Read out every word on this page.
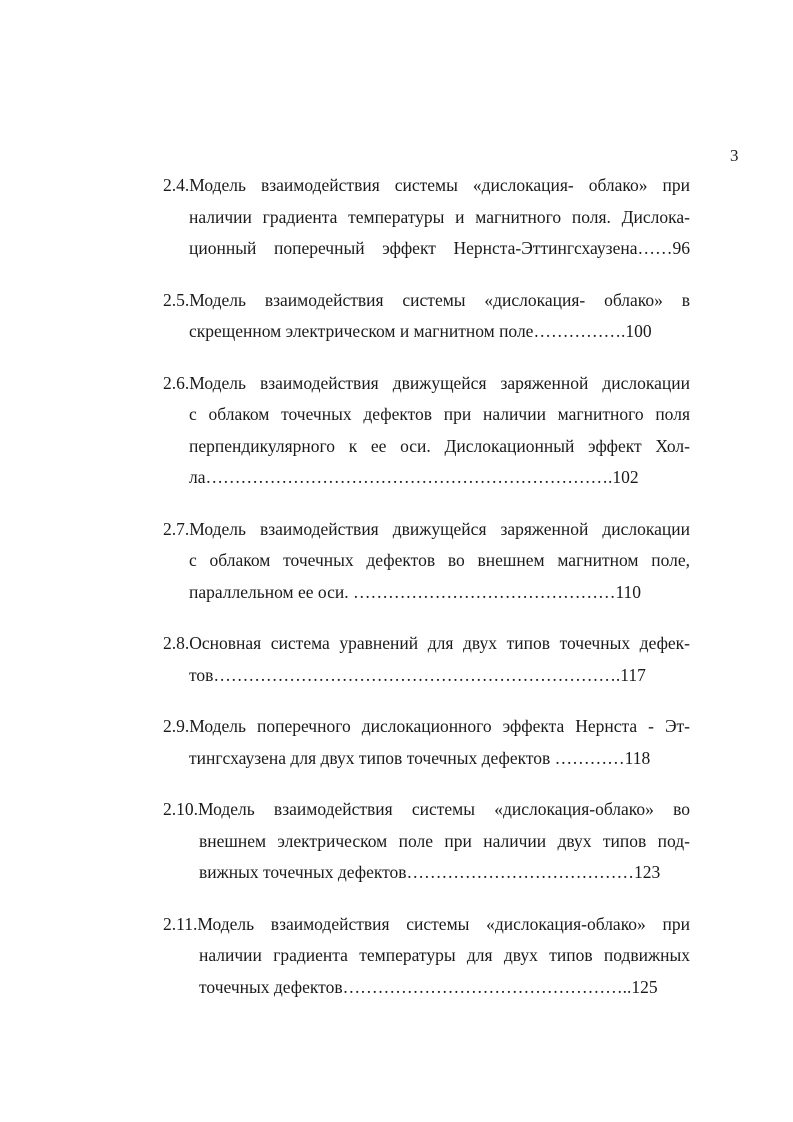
3
2.4.Модель взаимодействия системы «дислокация- облако» при
наличии градиента температуры и магнитного поля. Дислока-
ционный поперечный эффект Нернста-Эттингсхаузена……96
2.5.Модель взаимодействия системы «дислокация- облако» в
скрещенном электрическом и магнитном поле…………….100
2.6.Модель взаимодействия движущейся заряженной дислокации
с облаком точечных дефектов при наличии магнитного поля
перпендикулярного к ее оси. Дислокационный эффект Хол-
ла…………………………………………………………….102
2.7.Модель взаимодействия движущейся заряженной дислокации
с облаком точечных дефектов во внешнем магнитном поле,
параллельном ее оси. ………………………………………110
2.8.Основная система уравнений для двух типов точечных дефек-
тов…………………………………………………………….117
2.9.Модель поперечного дислокационного эффекта Нернста - Эт-
тингсхаузена для двух типов точечных дефектов …………118
2.10.Модель взаимодействия системы «дислокация-облако» во
внешнем электрическом поле при наличии двух типов под-
вижных точечных дефектов…………………………………123
2.11.Модель взаимодействия системы «дислокация-облако» при
наличии градиента температуры для двух типов подвижных
точечных дефектов…………………………………………..125
